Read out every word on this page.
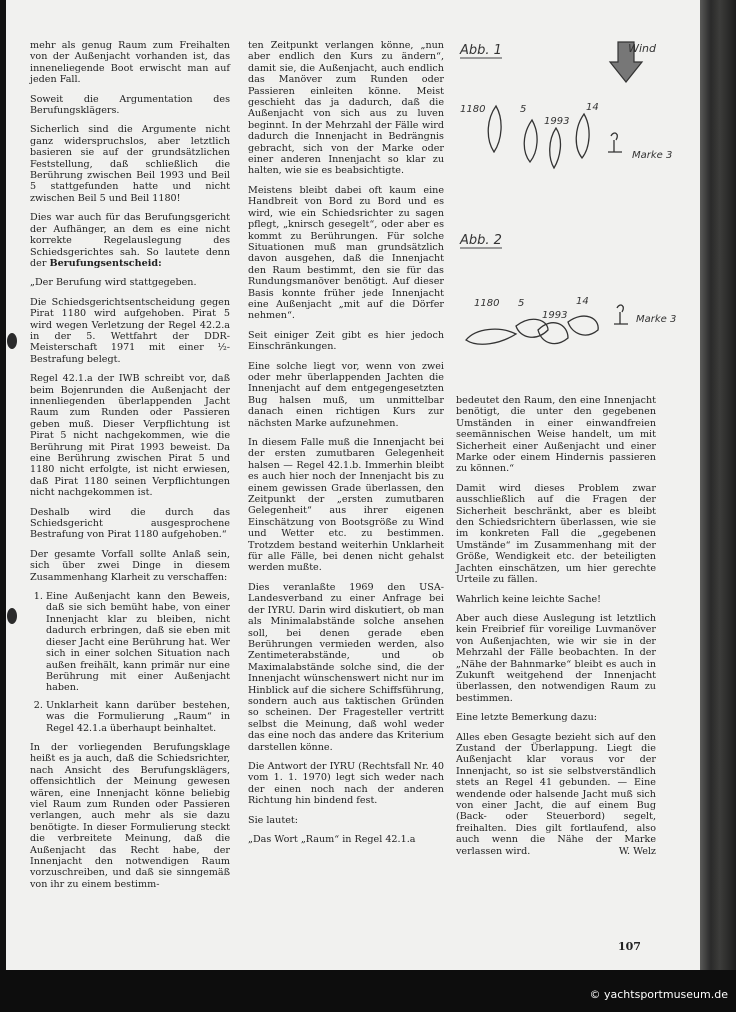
mehr als genug Raum zum Freihalten von der Außenjacht vorhanden ist, das inneneliegende Boot erwischt man auf jeden Fall.

Soweit die Argumentation des Berufungsklägers.

Sicherlich sind die Argumente nicht ganz widerspruchslos, aber letztlich basieren sie auf der grundsätzlichen Feststellung, daß schließlich die Berührung zwischen Beil 1993 und Beil 5 stattgefunden hatte und nicht zwischen Beil 5 und Beil 1180!

Dies war auch für das Berufungsgericht der Aufhänger, an dem es eine nicht korrekte Regelauslegung des Schiedsgerichtes sah. So lautete denn der Berufungsentscheid:

„Der Berufung wird stattgegeben.

Die Schiedsgerichtsentscheidung gegen Pirat 1180 wird aufgehoben. Pirat 5 wird wegen Verletzung der Regel 42.2.a in der 5. Wettfahrt der DDR-Meisterschaft 1971 mit einer ½-Bestrafung belegt.

Regel 42.1.a der IWB schreibt vor, daß beim Bojenrunden die Außenjacht der innenliegenden überlappenden Jacht Raum zum Runden oder Passieren geben muß. Dieser Verpflichtung ist Pirat 5 nicht nachgekommen, wie die Berührung mit Pirat 1993 beweist. Da eine Berührung zwischen Pirat 5 und 1180 nicht erfolgte, ist nicht erwiesen, daß Pirat 1180 seinen Verpflichtungen nicht nachgekommen ist.

Deshalb wird die durch das Schiedsgericht ausgesprochene Bestrafung von Pirat 1180 aufgehoben.“

Der gesamte Vorfall sollte Anlaß sein, sich über zwei Dinge in diesem Zusammenhang Klarheit zu verschaffen:

1. Eine Außenjacht kann den Beweis, daß sie sich bemüht habe, von einer Innenjacht klar zu bleiben, nicht dadurch erbringen, daß sie eben mit dieser Jacht eine Berührung hat. Wer sich in einer solchen Situation nach außen freihält, kann primär nur eine Berührung mit einer Außenjacht haben.
2. Unklarheit kann darüber bestehen, was die Formulierung „Raum“ in Regel 42.1.a überhaupt beinhaltet.

In der vorliegenden Berufungsklage heißt es ja auch, daß die Schiedsrichter, nach Ansicht des Berufungsklägers, offensichtlich der Meinung gewesen wären, eine Innenjacht könne beliebig viel Raum zum Runden oder Passieren verlangen, auch mehr als sie dazu benötigte. In dieser Formulierung steckt die verbreitete Meinung, daß die Außenjacht das Recht habe, der Innenjacht den notwendigen Raum vorzuschreiben, und daß sie sinngemäß von ihr zu einem bestimm-

ten Zeitpunkt verlangen könne, „nun aber endlich den Kurs zu ändern“, damit sie, die Außenjacht, auch endlich das Manöver zum Runden oder Passieren einleiten könne. Meist geschieht das ja dadurch, daß die Außenjacht von sich aus zu luven beginnt. In der Mehrzahl der Fälle wird dadurch die Innenjacht in Bedrängnis gebracht, sich von der Marke oder einer anderen Innenjacht so klar zu halten, wie sie es beabsichtigte.

Meistens bleibt dabei oft kaum eine Handbreit von Bord zu Bord und es wird, wie ein Schiedsrichter zu sagen pflegt, „knirsch gesegelt“, oder aber es kommt zu Berührungen. Für solche Situationen muß man grundsätzlich davon ausgehen, daß die Innenjacht den Raum bestimmt, den sie für das Rundungsmanöver benötigt. Auf dieser Basis konnte früher jede Innenjacht eine Außenjacht „mit auf die Dörfer nehmen“.

Seit einiger Zeit gibt es hier jedoch Einschränkungen.

Eine solche liegt vor, wenn von zwei oder mehr überlappenden Jachten die Innenjacht auf dem entgegengesetzten Bug halsen muß, um unmittelbar danach einen richtigen Kurs zur nächsten Marke aufzunehmen.

In diesem Falle muß die Innenjacht bei der ersten zumutbaren Gelegenheit halsen — Regel 42.1.b. Immerhin bleibt es auch hier noch der Innenjacht bis zu einem gewissen Grade überlassen, den Zeitpunkt der „ersten zumutbaren Gelegenheit“ aus ihrer eigenen Einschätzung von Bootsgröße zu Wind und Wetter etc. zu bestimmen. Trotzdem bestand weiterhin Unklarheit für alle Fälle, bei denen nicht gehalst werden mußte.

Dies veranlaßte 1969 den USA-Landesverband zu einer Anfrage bei der IYRU. Darin wird diskutiert, ob man als Minimalabstände solche ansehen soll, bei denen gerade eben Berührungen vermieden werden, also Zentimeterabstände, und ob Maximalabstände solche sind, die der Innenjacht wünschenswert nicht nur im Hinblick auf die sichere Schiffsführung, sondern auch aus taktischen Gründen so scheinen. Der Fragesteller vertritt selbst die Meinung, daß wohl weder das eine noch das andere das Kriterium darstellen könne.

Die Antwort der IYRU (Rechtsfall Nr. 40 vom 1. 1. 1970) legt sich weder nach der einen noch nach der anderen Richtung hin bindend fest.

Sie lautet:

„Das Wort „Raum“ in Regel 42.1.a

Abb. 1	Wind
1180	5
1993
14
Marke 3
Abb. 2
1180 5
1993
14
Marke 3

bedeutet den Raum, den eine Innenjacht benötigt, die unter den gegebenen Umständen in einer einwandfreien seemännischen Weise handelt, um mit Sicherheit einer Außenjacht und einer Marke oder einem Hindernis passieren zu können.“

Damit wird dieses Problem zwar ausschließlich auf die Fragen der Sicherheit beschränkt, aber es bleibt den Schiedsrichtern überlassen, wie sie im konkreten Fall die „gegebenen Umstände“ im Zusammenhang mit der Größe, Wendigkeit etc. der beteiligten Jachten einschätzen, um hier gerechte Urteile zu fällen.

Wahrlich keine leichte Sache!

Aber auch diese Auslegung ist letztlich kein Freibrief für voreilige Luvmanöver von Außenjachten, wie wir sie in der Mehrzahl der Fälle beobachten. In der „Nähe der Bahnmarke“ bleibt es auch in Zukunft weitgehend der Innenjacht überlassen, den notwendigen Raum zu bestimmen.

Eine letzte Bemerkung dazu:

Alles eben Gesagte bezieht sich auf den Zustand der Überlappung. Liegt die Außenjacht klar voraus vor der Innenjacht, so ist sie selbstverständlich stets an Regel 41 gebunden. — Eine wendende oder halsende Jacht muß sich von einer Jacht, die auf einem Bug (Back- oder Steuerbord) segelt, freihalten. Dies gilt fortlaufend, also auch wenn die Nähe der Marke verlassen wird.	W. Welz

107
© yachtsportmuseum.de
